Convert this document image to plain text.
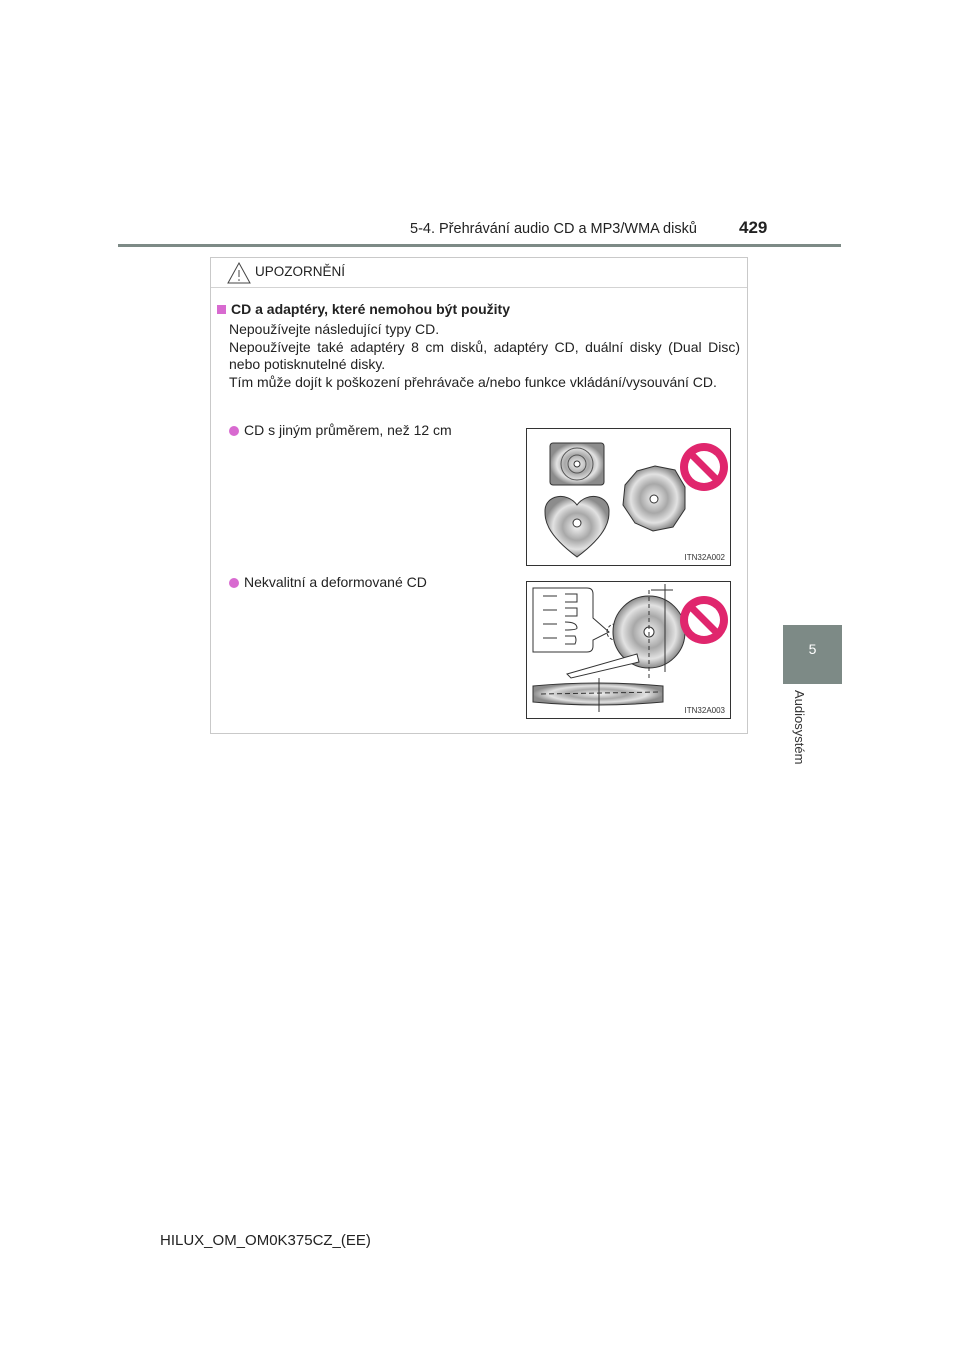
5-4. Přehrávání audio CD a MP3/WMA disků 429
5
Audiosystém
UPOZORNĚNÍ
CD a adaptéry, které nemohou být použity

Nepoužívejte následující typy CD.

Nepoužívejte také adaptéry 8 cm disků, adaptéry CD, duální disky (Dual Disc) nebo potisknutelné disky.

Tím může dojít k poškození přehrávače a/nebo funkce vkládání/vysouvání CD.

CD s jiným průměrem, než 12 cm
ITN32A002
Nekvalitní a deformované CD
ITN32A003
HILUX_OM_OM0K375CZ_(EE)
